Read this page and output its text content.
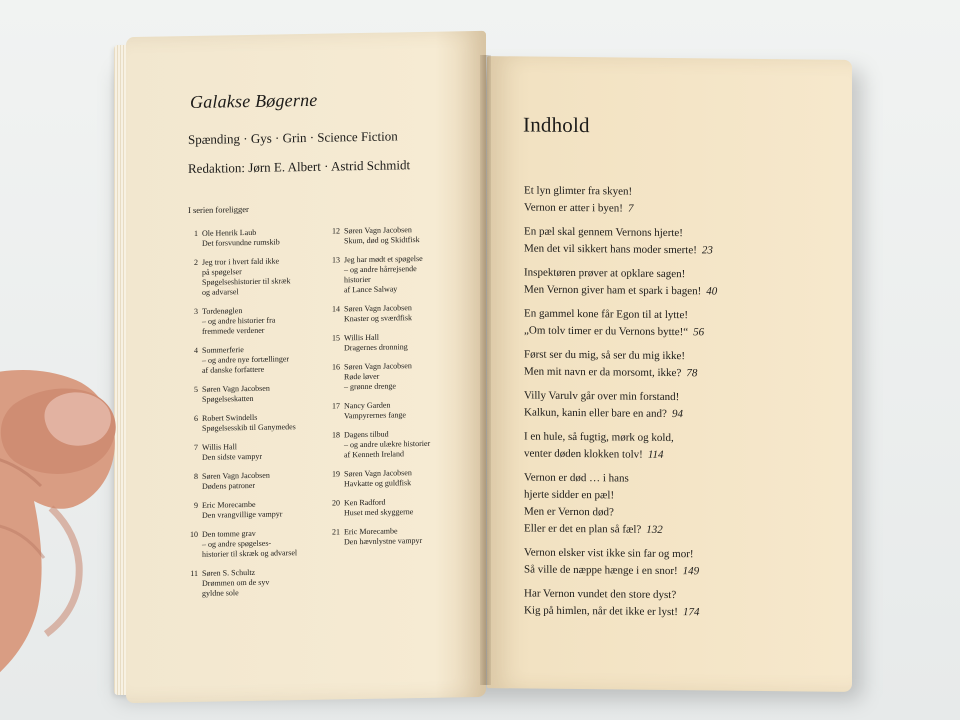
Galakse Bøgerne
Spænding · Gys · Grin · Science Fiction
Redaktion: Jørn E. Albert · Astrid Schmidt
I serien foreligger
1 Ole Henrik Laub
Det forsvundne rumskib
2 Jeg tror i hvert fald ikke
på spøgelser
Spøgelseshistorier til skræk
og advarsel
3 Tordenøglen
– og andre historier fra
fremmede verdener
4 Sommerferie
– og andre nye fortællinger
af danske forfattere
5 Søren Vagn Jacobsen
Spøgelseskatten
6 Robert Swindells
Spøgelsesskib til Ganymedes
7 Willis Hall
Den sidste vampyr
8 Søren Vagn Jacobsen
Dødens patroner
9 Eric Morecambe
Den vrangvillige vampyr
10 Den tomme grav
– og andre spøgelses-
historier til skræk og advarsel
11 Søren S. Schultz
Drømmen om de syv
gyldne sole
12 Søren Vagn Jacobsen
Skum, død og Skidtfisk
13 Jeg har mødt et spøgelse
– og andre hårrejsende
historier
af Lance Salway
14 Søren Vagn Jacobsen
Knaster og sværdfisk
15 Willis Hall
Dragernes dronning
16 Søren Vagn Jacobsen
Røde løver
– grønne drenge
17 Nancy Garden
Vampyrernes fange
18 Dagens tilbud
– og andre ulækre historier
af Kenneth Ireland
19 Søren Vagn Jacobsen
Havkatte og guldfisk
20 Ken Radford
Huset med skyggerne
21 Eric Morecambe
Den hævnlystne vampyr
Indhold
Et lyn glimter fra skyen!
Vernon er atter i byen! 7
En pæl skal gennem Vernons hjerte!
Men det vil sikkert hans moder smerte! 23
Inspektøren prøver at opklare sagen!
Men Vernon giver ham et spark i bagen! 40
En gammel kone får Egon til at lytte!
„Om tolv timer er du Vernons bytte!“ 56
Først ser du mig, så ser du mig ikke!
Men mit navn er da morsomt, ikke? 78
Villy Varulv går over min forstand!
Kalkun, kanin eller bare en and? 94
I en hule, så fugtig, mørk og kold,
venter døden klokken tolv! 114
Vernon er død … i hans
hjerte sidder en pæl!
Men er Vernon død?
Eller er det en plan så fæl? 132
Vernon elsker vist ikke sin far og mor!
Så ville de næppe hænge i en snor! 149
Har Vernon vundet den store dyst?
Kig på himlen, når det ikke er lyst! 174
